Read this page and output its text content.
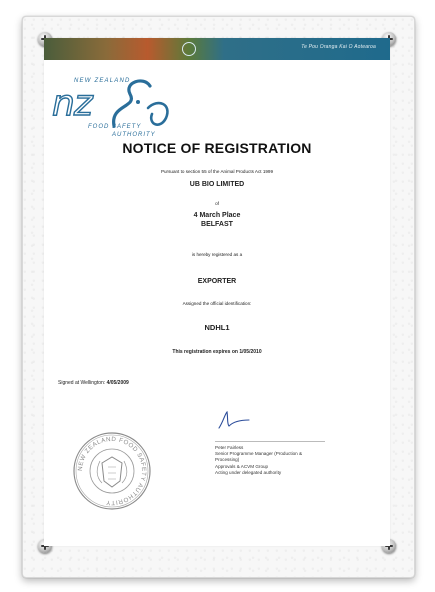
Te Pou Oranga Kai O Aotearoa
NEW ZEALAND
nz
FOOD SAFETY
AUTHORITY
NOTICE OF REGISTRATION
Pursuant to section 55 of the Animal Products Act 1999
UB BIO LIMITED
of
4 March Place
BELFAST
is hereby registered as a
EXPORTER
Assigned the official identification:
NDHL1
This registration expires on 1/05/2010
Signed at Wellington: 4/05/2009
NEW ZEALAND FOOD SAFETY AUTHORITY
Peter Fairless
Senior Programme Manager (Production &
Processing)
Approvals & ACVM Group
Acting under delegated authority
